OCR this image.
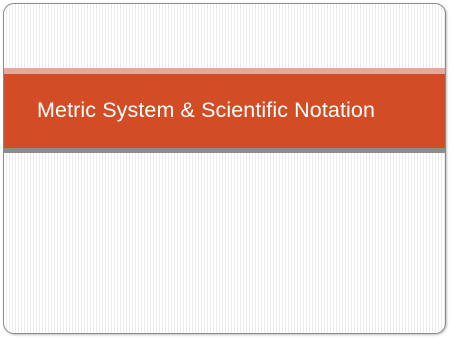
Metric System & Scientific Notation
